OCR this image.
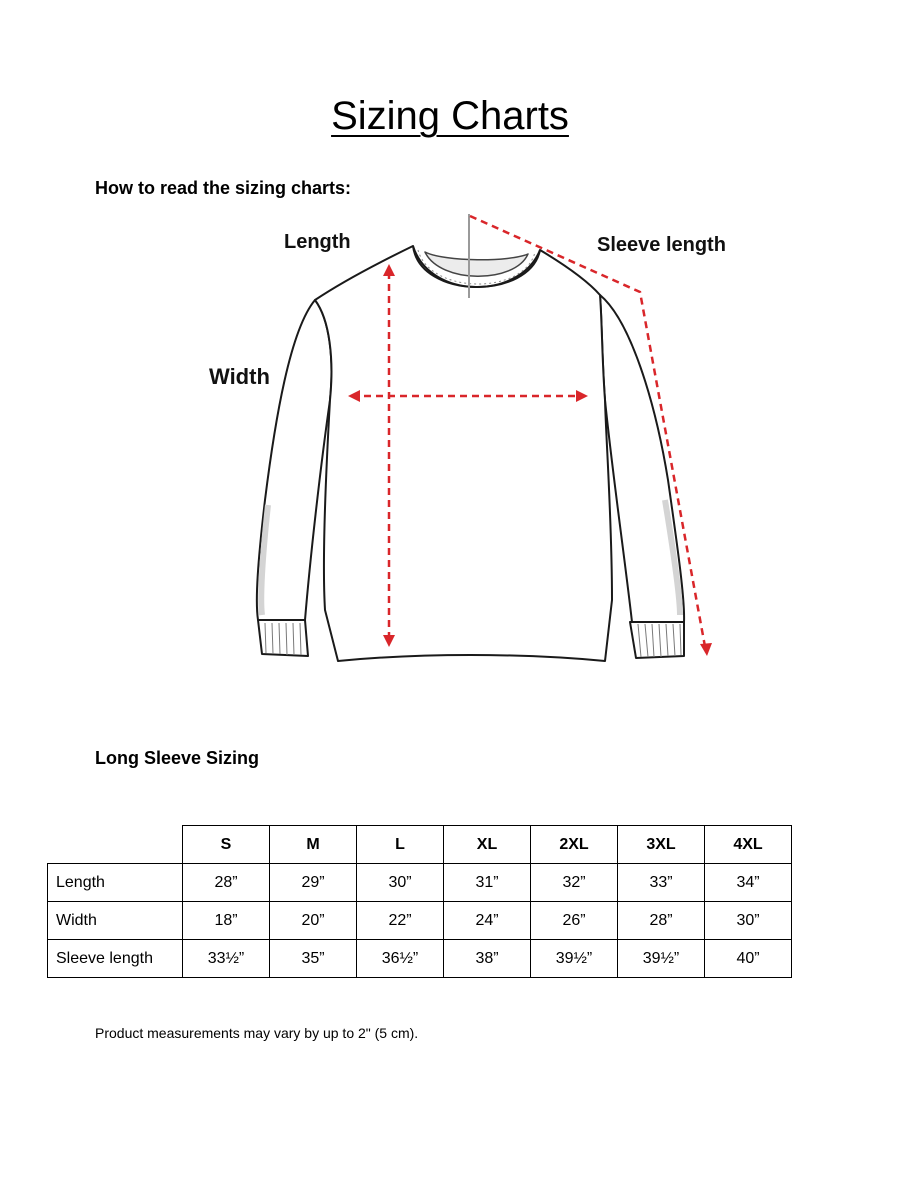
Sizing Charts
How to read the sizing charts:
Length	Sleeve length
Width
Long Sleeve Sizing
	S	M	L	XL	2XL	3XL	4XL
Length	28”	29”	30”	31”	32”	33”	34”
Width	18”	20”	22”	24”	26”	28”	30”
Sleeve length	33½”	35”	36½”	38”	39½”	39½”	40”
Product measurements may vary by up to 2" (5 cm).
